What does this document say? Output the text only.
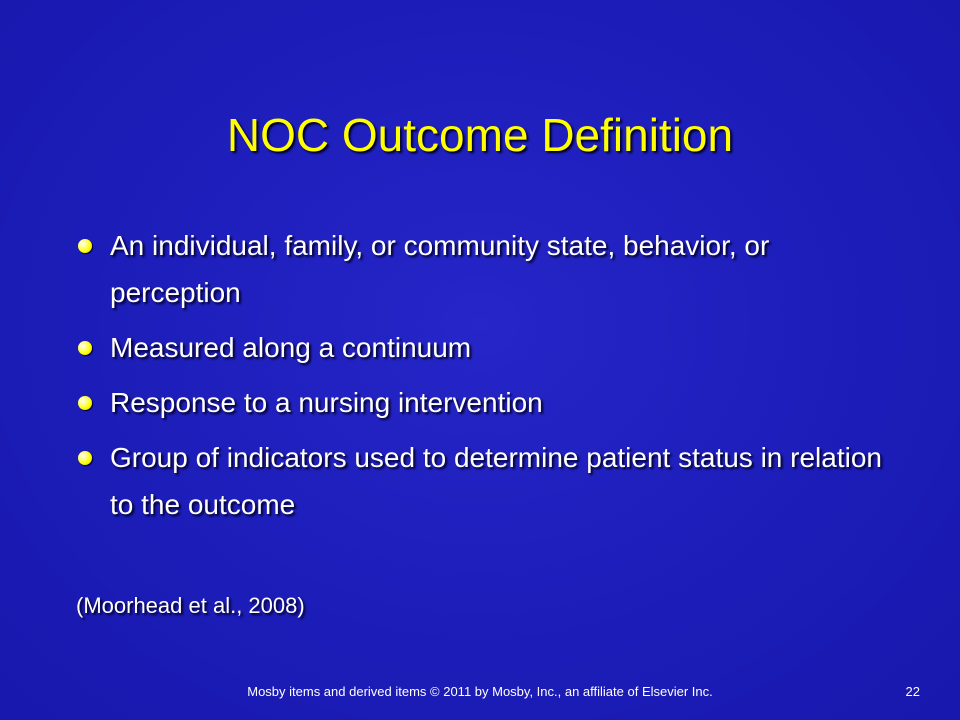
NOC Outcome Definition
An individual, family, or community state, behavior, or perception
Measured along a continuum
Response to a nursing intervention
Group of indicators used to determine patient status in relation to the outcome
(Moorhead et al., 2008)
Mosby items and derived items © 2011 by Mosby, Inc., an affiliate of Elsevier Inc.	22
